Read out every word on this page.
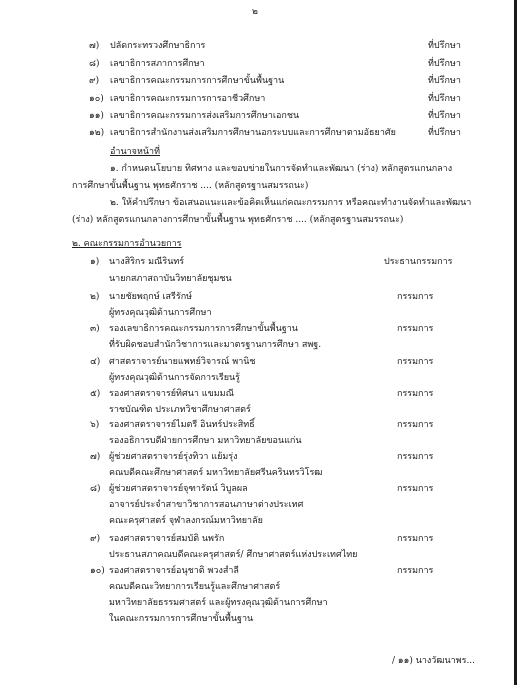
๒
๗) ปลัดกระทรวงศึกษาธิการ	ที่ปรึกษา
๘) เลขาธิการสภาการศึกษา	ที่ปรึกษา
๙) เลขาธิการคณะกรรมการการศึกษาขั้นพื้นฐาน	ที่ปรึกษา
๑๐) เลขาธิการคณะกรรมการการอาชีวศึกษา	ที่ปรึกษา
๑๑) เลขาธิการคณะกรรมการส่งเสริมการศึกษาเอกชน	ที่ปรึกษา
๑๒) เลขาธิการสำนักงานส่งเสริมการศึกษานอกระบบและการศึกษาตามอัธยาศัย	ที่ปรึกษา
อำนาจหน้าที่
๑. กำหนดนโยบาย ทิศทาง และขอบข่ายในการจัดทำและพัฒนา (ร่าง) หลักสูตรแกนกลาง
การศึกษาขั้นพื้นฐาน พุทธศักราช .... (หลักสูตรฐานสมรรถนะ)
๒. ให้คำปรึกษา ข้อเสนอแนะและข้อคิดเห็นแก่คณะกรรมการ หรือคณะทำงานจัดทำและพัฒนา
(ร่าง) หลักสูตรแกนกลางการศึกษาขั้นพื้นฐาน พุทธศักราช .... (หลักสูตรฐานสมรรถนะ)
๒. คณะกรรมการอำนวยการ
๑) นางสิริกร มณีรินทร์	ประธานกรรมการ
นายกสภาสถาบันวิทยาลัยชุมชน
๒) นายชัยพฤกษ์ เสรีรักษ์	กรรมการ
ผู้ทรงคุณวุฒิด้านการศึกษา
๓) รองเลขาธิการคณะกรรมการการศึกษาขั้นพื้นฐาน	กรรมการ
ที่รับผิดชอบสำนักวิชาการและมาตรฐานการศึกษา สพฐ.
๔) ศาสตราจารย์นายแพทย์วิจารณ์ พานิช	กรรมการ
ผู้ทรงคุณวุฒิด้านการจัดการเรียนรู้
๕) รองศาสตราจารย์ทิศนา แขมมณี	กรรมการ
ราชบัณฑิต ประเภทวิชาศึกษาศาสตร์
๖) รองศาสตราจารย์ไมตรี อินทร์ประสิทธิ์	กรรมการ
รองอธิการบดีฝ่ายการศึกษา มหาวิทยาลัยขอนแก่น
๗) ผู้ช่วยศาสตราจารย์รุ่งทิวา แย้มรุ่ง	กรรมการ
คณบดีคณะศึกษาศาสตร์ มหาวิทยาลัยศรีนครินทรวิโรฒ
๘) ผู้ช่วยศาสตราจารย์จุฑารัตน์ วิบูลผล	กรรมการ
อาจารย์ประจำสาขาวิชาการสอนภาษาต่างประเทศ
คณะครุศาสตร์ จุฬาลงกรณ์มหาวิทยาลัย
๙) รองศาสตราจารย์สมบัติ นพรัก	กรรมการ
ประธานสภาคณบดีคณะครุศาสตร์/ ศึกษาศาสตร์แห่งประเทศไทย
๑๐) รองศาสตราจารย์อนุชาติ พวงสำลี	กรรมการ
คณบดีคณะวิทยาการเรียนรู้และศึกษาศาสตร์
มหาวิทยาลัยธรรมศาสตร์ และผู้ทรงคุณวุฒิด้านการศึกษา
ในคณะกรรมการการศึกษาขั้นพื้นฐาน
/ ๑๑) นางวัฒนาพร...
